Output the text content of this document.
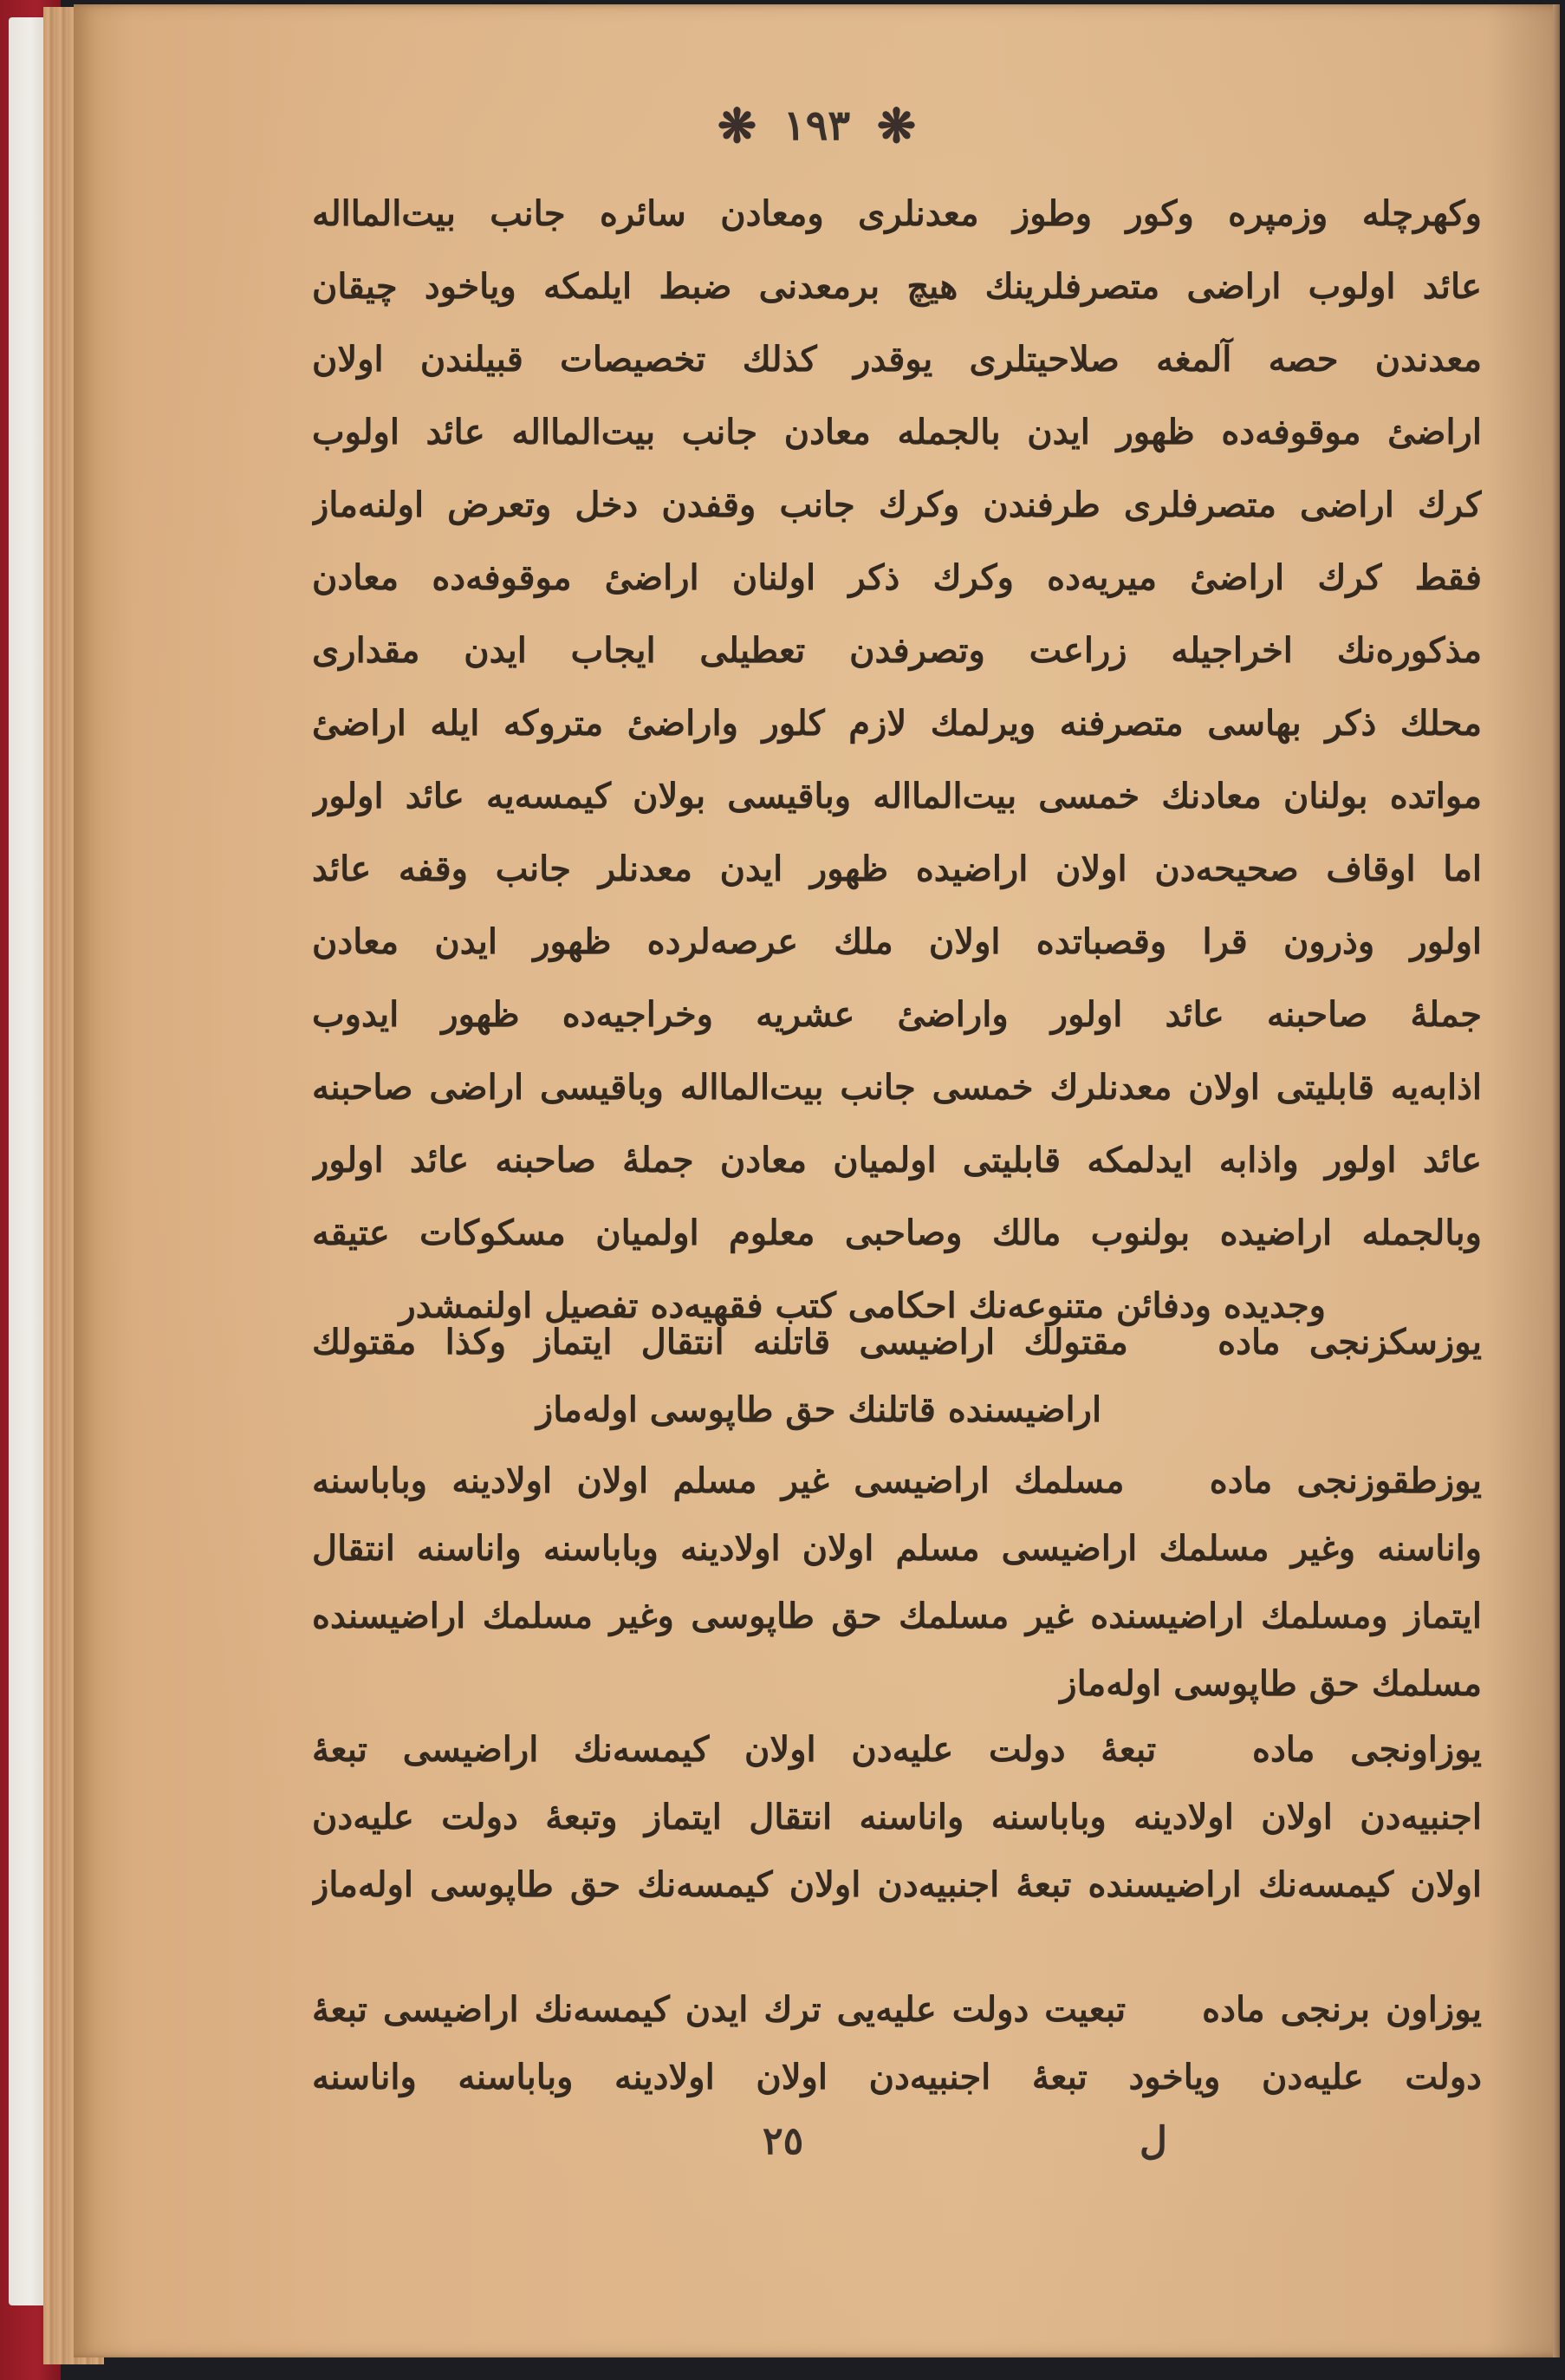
❋ ١٩٣ ❋
وکهرچله وزمپره وکور وطوز معدنلری ومعادن سائره جانب بیت‌المااله
عائد اولوب اراضی متصرفلرینك هیچ برمعدنی ضبط ایلمکه ویاخود چیقان
معدندن حصه آلمغه صلاحیتلری یوقدر کذلك تخصیصات قبیلندن اولان
اراضیٔ موقوفه‌ده ظهور ایدن بالجمله معادن جانب بیت‌المااله عائد اولوب
کرك اراضی متصرفلری طرفندن وکرك جانب وقفدن دخل وتعرض اولنه‌ماز
فقط کرك اراضیٔ میریه‌ده وکرك ذکر اولنان اراضیٔ موقوفه‌ده معادن
مذکوره‌نك اخراجیله زراعت وتصرفدن تعطیلی ایجاب ایدن مقداری
محلك ذکر بهاسی متصرفنه ویرلمك لازم کلور واراضیٔ متروکه ایله اراضیٔ
مواتده بولنان معادنك خمسی بیت‌المااله وباقیسی بولان کیمسه‌یه عائد اولور
اما اوقاف صحیحه‌دن اولان اراضیده ظهور ایدن معدنلر جانب وقفه عائد
اولور وذرون قرا وقصباتده اولان ملك عرصه‌لرده ظهور ایدن معادن
جمله‌ٔ صاحبنه عائد اولور واراضیٔ عشریه وخراجیه‌ده ظهور ایدوب
اذابه‌یه قابلیتی اولان معدنلرك خمسی جانب بیت‌المااله وباقیسی اراضی صاحبنه
عائد اولور واذابه ایدلمکه قابلیتی اولمیان معادن جمله‌ٔ صاحبنه عائد اولور
وبالجمله اراضیده بولنوب مالك وصاحبی معلوم اولمیان مسکوکات عتیقه
وجدیده ودفائن متنوعه‌نك احکامی کتب فقهیه‌ده تفصیل اولنمشدر
یوزسکزنجی ماده مقتولك اراضیسی قاتلنه انتقال ایتماز وکذا مقتولك
اراضیسنده قاتلنك حق طاپوسی اوله‌ماز
یوزطقوزنجی ماده مسلمك اراضیسی غیر مسلم اولان اولادینه وباباسنه
واناسنه وغیر مسلمك اراضیسی مسلم اولان اولادینه وباباسنه واناسنه انتقال
ایتماز ومسلمك اراضیسنده غیر مسلمك حق طاپوسی وغیر مسلمك اراضیسنده
مسلمك حق طاپوسی اوله‌ماز
یوزاونجی ماده تبعهٔ دولت علیه‌دن اولان کیمسه‌نك اراضیسی تبعهٔ
اجنبیه‌دن اولان اولادینه وباباسنه واناسنه انتقال ایتماز وتبعهٔ دولت علیه‌دن
اولان کیمسه‌نك اراضیسنده تبعهٔ اجنبیه‌دن اولان کیمسه‌نك حق طاپوسی اوله‌ماز
یوزاون برنجی ماده تبعیت دولت علیه‌یی ترك ایدن کیمسه‌نك اراضیسی تبعهٔ
دولت علیه‌دن ویاخود تبعهٔ اجنبیه‌دن اولان اولادینه وباباسنه واناسنه
٢٥	ل
